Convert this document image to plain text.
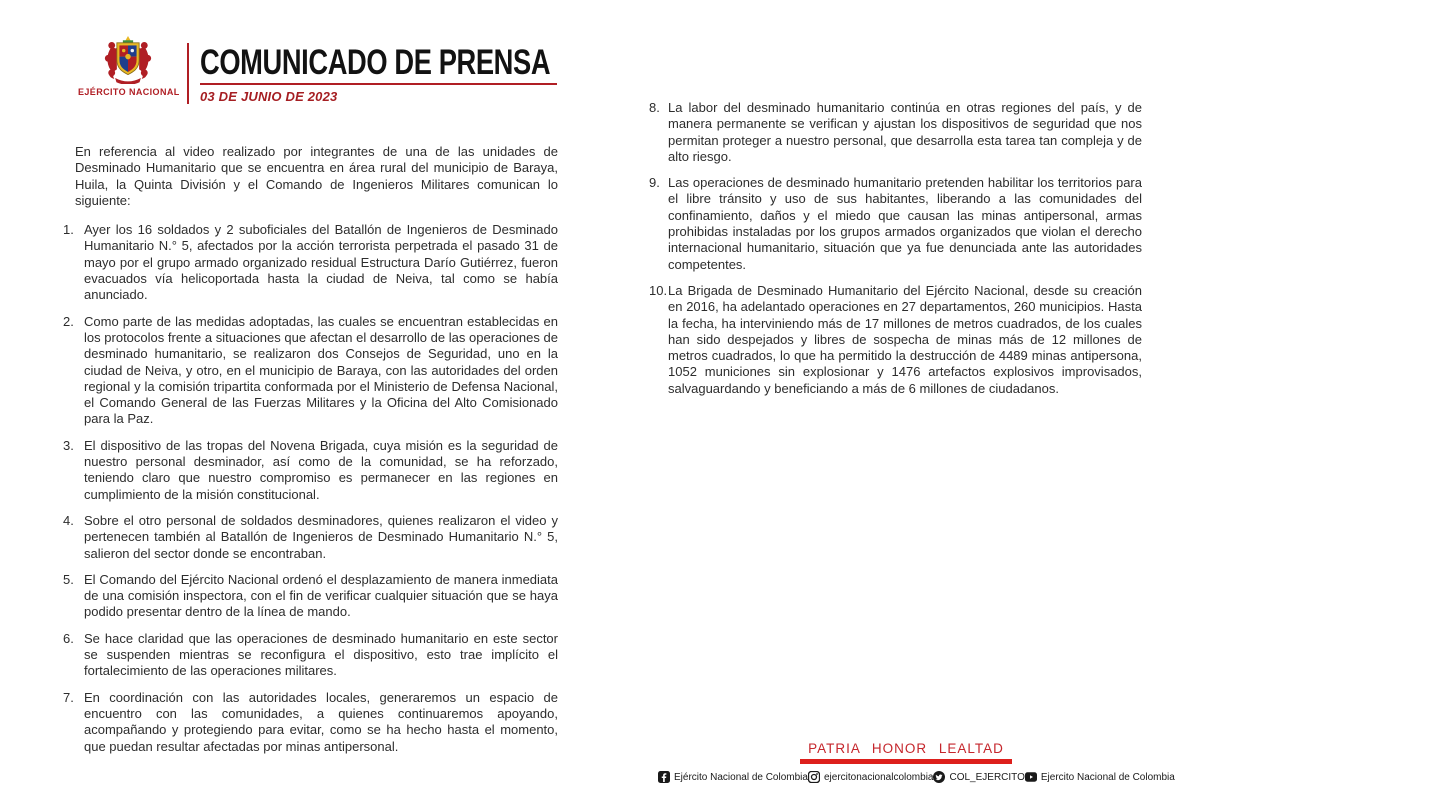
EJÉRCITO NACIONAL
COMUNICADO DE PRENSA
03 DE JUNIO DE 2023

En referencia al video realizado por integrantes de una de las unidades de Desminado Humanitario que se encuentra en área rural del municipio de Baraya, Huila, la Quinta División y el Comando de Ingenieros Militares comunican lo siguiente:

1. Ayer los 16 soldados y 2 suboficiales del Batallón de Ingenieros de Desminado Humanitario N.° 5, afectados por la acción terrorista perpetrada el pasado 31 de mayo por el grupo armado organizado residual Estructura Darío Gutiérrez, fueron evacuados vía helicoportada hasta la ciudad de Neiva, tal como se había anunciado.
2. Como parte de las medidas adoptadas, las cuales se encuentran establecidas en los protocolos frente a situaciones que afectan el desarrollo de las operaciones de desminado humanitario, se realizaron dos Consejos de Seguridad, uno en la ciudad de Neiva, y otro, en el municipio de Baraya, con las autoridades del orden regional y la comisión tripartita conformada por el Ministerio de Defensa Nacional, el Comando General de las Fuerzas Militares y la Oficina del Alto Comisionado para la Paz.
3. El dispositivo de las tropas del Novena Brigada, cuya misión es la seguridad de nuestro personal desminador, así como de la comunidad, se ha reforzado, teniendo claro que nuestro compromiso es permanecer en las regiones en cumplimiento de la misión constitucional.
4. Sobre el otro personal de soldados desminadores, quienes realizaron el video y pertenecen también al Batallón de Ingenieros de Desminado Humanitario N.° 5, salieron del sector donde se encontraban.
5. El Comando del Ejército Nacional ordenó el desplazamiento de manera inmediata de una comisión inspectora, con el fin de verificar cualquier situación que se haya podido presentar dentro de la línea de mando.
6. Se hace claridad que las operaciones de desminado humanitario en este sector se suspenden mientras se reconfigura el dispositivo, esto trae implícito el fortalecimiento de las operaciones militares.
7. En coordinación con las autoridades locales, generaremos un espacio de encuentro con las comunidades, a quienes continuaremos apoyando, acompañando y protegiendo para evitar, como se ha hecho hasta el momento, que puedan resultar afectadas por minas antipersonal.
8. La labor del desminado humanitario continúa en otras regiones del país, y de manera permanente se verifican y ajustan los dispositivos de seguridad que nos permitan proteger a nuestro personal, que desarrolla esta tarea tan compleja y de alto riesgo.
9. Las operaciones de desminado humanitario pretenden habilitar los territorios para el libre tránsito y uso de sus habitantes, liberando a las comunidades del confinamiento, daños y el miedo que causan las minas antipersonal, armas prohibidas instaladas por los grupos armados organizados que violan el derecho internacional humanitario, situación que ya fue denunciada ante las autoridades competentes.
10. La Brigada de Desminado Humanitario del Ejército Nacional, desde su creación en 2016, ha adelantado operaciones en 27 departamentos, 260 municipios. Hasta la fecha, ha interviniendo más de 17 millones de metros cuadrados, de los cuales han sido despejados y libres de sospecha de minas más de 12 millones de metros cuadrados, lo que ha permitido la destrucción de 4489 minas antipersona, 1052 municiones sin explosionar y 1476 artefactos explosivos improvisados, salvaguardando y beneficiando a más de 6 millones de ciudadanos.
PATRIA HONOR LEALTAD
Ejército Nacional de Colombia ejercitonacionalcolombia COL_EJERCITO Ejercito Nacional de Colombia
